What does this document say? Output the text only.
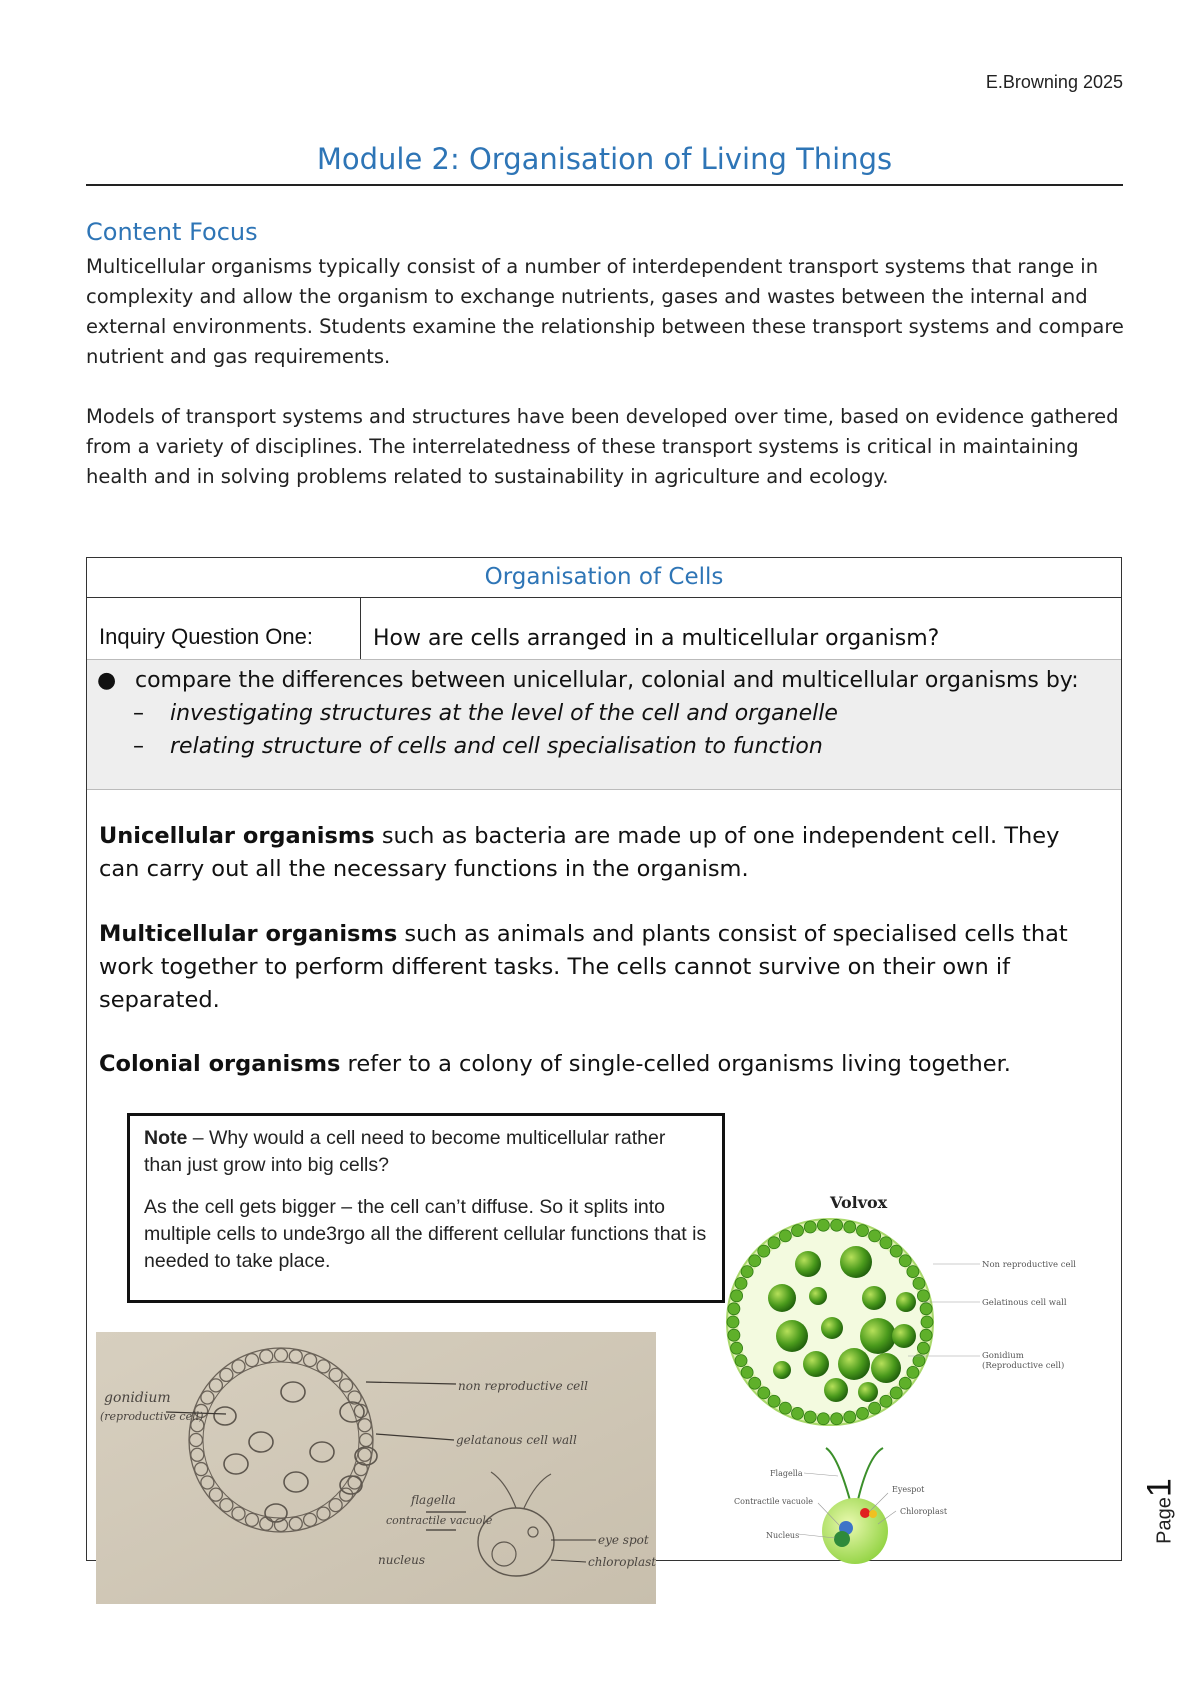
E.Browning 2025
Module 2: Organisation of Living Things
Content Focus

Multicellular organisms typically consist of a number of interdependent transport systems that range in complexity and allow the organism to exchange nutrients, gases and wastes between the internal and external environments. Students examine the relationship between these transport systems and compare nutrient and gas requirements.

Models of transport systems and structures have been developed over time, based on evidence gathered from a variety of disciplines. The interrelatedness of these transport systems is critical in maintaining health and in solving problems related to sustainability in agriculture and ecology.

Organisation of Cells
Inquiry Question One:	How are cells arranged in a multicellular organism?
● compare the differences between unicellular, colonial and multicellular organisms by:
–	investigating structures at the level of the cell and organelle
–	relating structure of cells and cell specialisation to function

Unicellular organisms such as bacteria are made up of one independent cell. They can carry out all the necessary functions in the organism.

Multicellular organisms such as animals and plants consist of specialised cells that work together to perform different tasks. The cells cannot survive on their own if separated.

Colonial organisms refer to a colony of single-celled organisms living together.

Note – Why would a cell need to become multicellular rather than just grow into big cells?

As the cell gets bigger – the cell can’t diffuse. So it splits into multiple cells to unde3rgo all the different cellular functions that is needed to take place.

gonidium
(reproductive cell)
non reproductive cell
gelatanous cell wall
flagella
contractile vacuole
nucleus
eye spot
chloroplast
Volvox
Non reproductive cell
Gelatinous cell wall
Gonidium
(Reproductive cell)
Flagella
Contractile vacuole
Nucleus
Eyespot
Chloroplast	Page1
